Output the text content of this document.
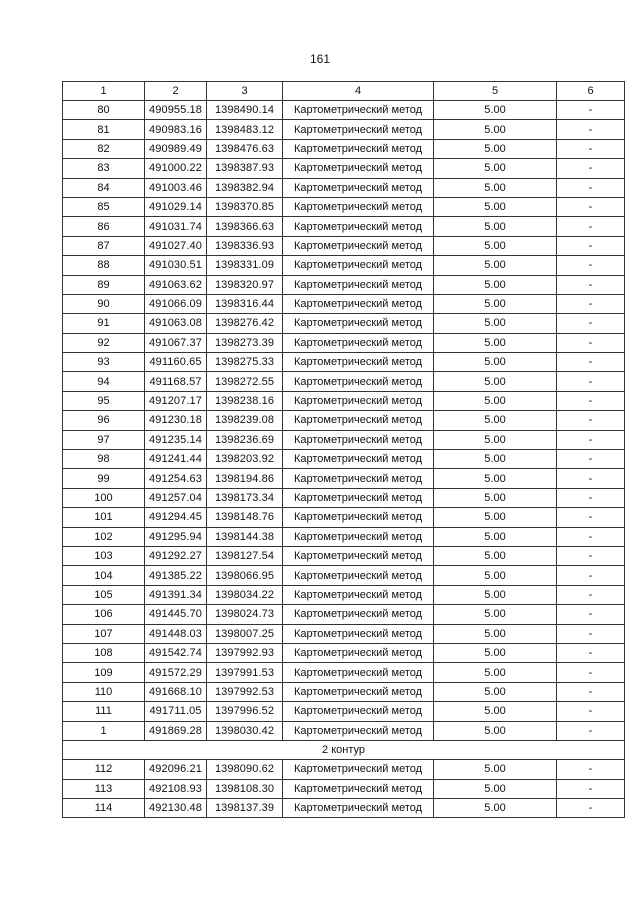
161
1	2	3	4	5	6
80	490955.18	1398490.14	Картометрический метод	5.00	-
81	490983.16	1398483.12	Картометрический метод	5.00	-
82	490989.49	1398476.63	Картометрический метод	5.00	-
83	491000.22	1398387.93	Картометрический метод	5.00	-
84	491003.46	1398382.94	Картометрический метод	5.00	-
85	491029.14	1398370.85	Картометрический метод	5.00	-
86	491031.74	1398366.63	Картометрический метод	5.00	-
87	491027.40	1398336.93	Картометрический метод	5.00	-
88	491030.51	1398331.09	Картометрический метод	5.00	-
89	491063.62	1398320.97	Картометрический метод	5.00	-
90	491066.09	1398316.44	Картометрический метод	5.00	-
91	491063.08	1398276.42	Картометрический метод	5.00	-
92	491067.37	1398273.39	Картометрический метод	5.00	-
93	491160.65	1398275.33	Картометрический метод	5.00	-
94	491168.57	1398272.55	Картометрический метод	5.00	-
95	491207.17	1398238.16	Картометрический метод	5.00	-
96	491230.18	1398239.08	Картометрический метод	5.00	-
97	491235.14	1398236.69	Картометрический метод	5.00	-
98	491241.44	1398203.92	Картометрический метод	5.00	-
99	491254.63	1398194.86	Картометрический метод	5.00	-
100	491257.04	1398173.34	Картометрический метод	5.00	-
101	491294.45	1398148.76	Картометрический метод	5.00	-
102	491295.94	1398144.38	Картометрический метод	5.00	-
103	491292.27	1398127.54	Картометрический метод	5.00	-
104	491385.22	1398066.95	Картометрический метод	5.00	-
105	491391.34	1398034.22	Картометрический метод	5.00	-
106	491445.70	1398024.73	Картометрический метод	5.00	-
107	491448.03	1398007.25	Картометрический метод	5.00	-
108	491542.74	1397992.93	Картометрический метод	5.00	-
109	491572.29	1397991.53	Картометрический метод	5.00	-
110	491668.10	1397992.53	Картометрический метод	5.00	-
111	491711.05	1397996.52	Картометрический метод	5.00	-
1	491869.28	1398030.42	Картометрический метод	5.00	-
2 контур					
112	492096.21	1398090.62	Картометрический метод	5.00	-
113	492108.93	1398108.30	Картометрический метод	5.00	-
114	492130.48	1398137.39	Картометрический метод	5.00	-
